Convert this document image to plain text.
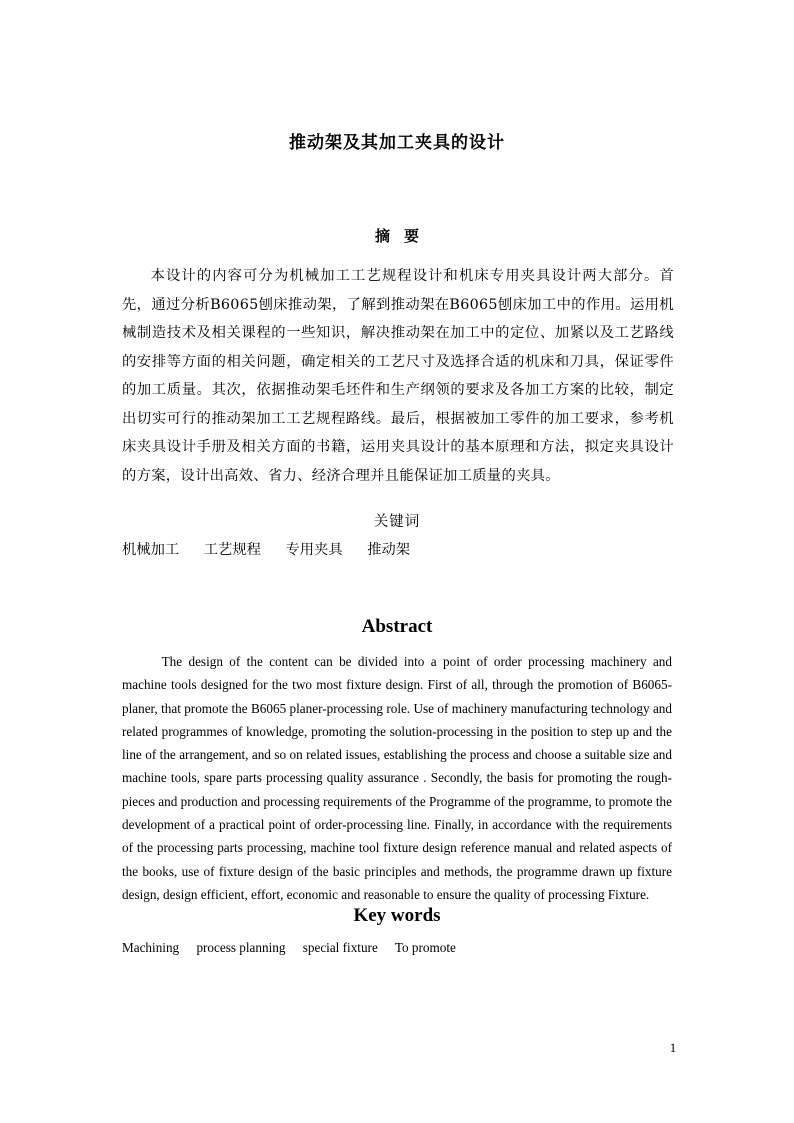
推动架及其加工夹具的设计
摘要

本设计的内容可分为机械加工工艺规程设计和机床专用夹具设计两大部分。首先，通过分析B6065刨床推动架，了解到推动架在B6065刨床加工中的作用。运用机械制造技术及相关课程的一些知识，解决推动架在加工中的定位、加紧以及工艺路线的安排等方面的相关问题，确定相关的工艺尺寸及选择合适的机床和刀具，保证零件的加工质量。其次，依据推动架毛坯件和生产纲领的要求及各加工方案的比较，制定出切实可行的推动架加工工艺规程路线。最后，根据被加工零件的加工要求，参考机床夹具设计手册及相关方面的书籍，运用夹具设计的基本原理和方法，拟定夹具设计的方案，设计出高效、省力、经济合理并且能保证加工质量的夹具。

关键词
机械加工 工艺规程 专用夹具 推动架
Abstract

The design of the content can be divided into a point of order processing machinery and machine tools designed for the two most fixture design. First of all, through the promotion of B6065-planer, that promote the B6065 planer-processing role. Use of machinery manufacturing technology and related programmes of knowledge, promoting the solution-processing in the position to step up and the line of the arrangement, and so on related issues, establishing the process and choose a suitable size and machine tools, spare parts processing quality assurance . Secondly, the basis for promoting the rough-pieces and production and processing requirements of the Programme of the programme, to promote the development of a practical point of order-processing line. Finally, in accordance with the requirements of the processing parts processing, machine tool fixture design reference manual and related aspects of the books, use of fixture design of the basic principles and methods, the programme drawn up fixture design, design efficient, effort, economic and reasonable to ensure the quality of processing Fixture.

Key words
Machining process planning special fixture To promote
1
